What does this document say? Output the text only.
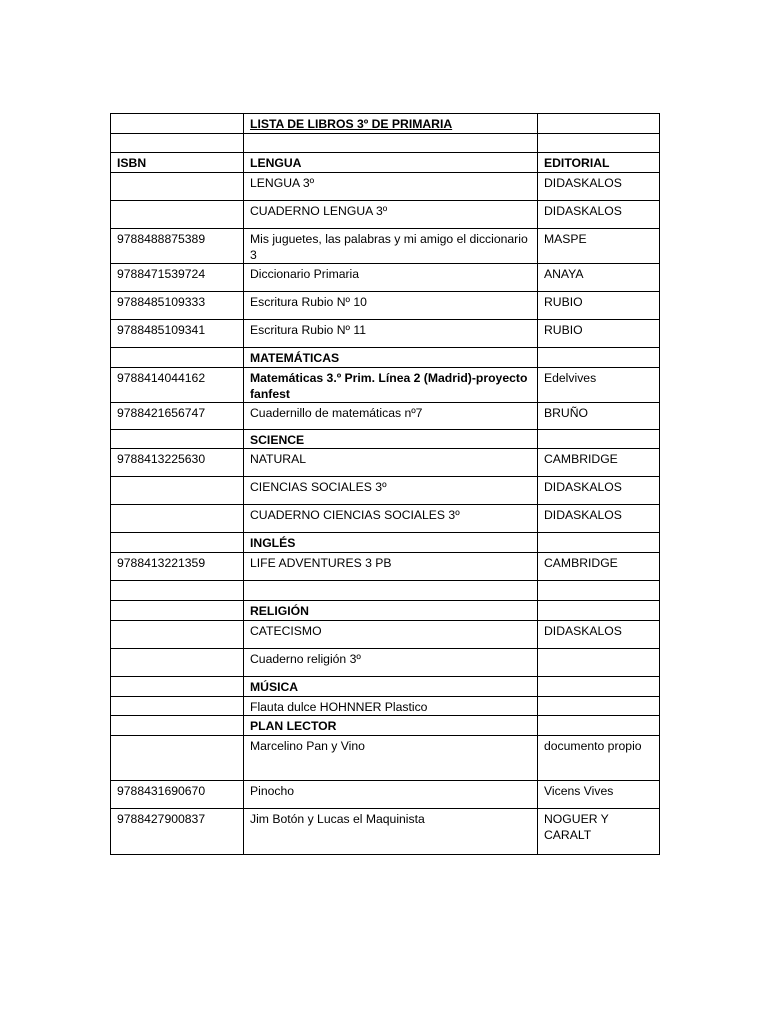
	LISTA DE LIBROS 3º DE PRIMARIA	

ISBN	LENGUA	EDITORIAL
	LENGUA 3º	DIDASKALOS
	CUADERNO LENGUA 3º	DIDASKALOS
9788488875389	Mis juguetes, las palabras y mi amigo el diccionario 3	MASPE
9788471539724	Diccionario Primaria	ANAYA
9788485109333	Escritura Rubio Nº 10	RUBIO
9788485109341	Escritura Rubio Nº 11	RUBIO
	MATEMÁTICAS	
9788414044162	Matemáticas 3.º Prim. Línea 2 (Madrid)-proyecto fanfest	Edelvives
9788421656747	Cuadernillo de matemáticas nº7	BRUÑO
	SCIENCE	
9788413225630	NATURAL	CAMBRIDGE
	CIENCIAS SOCIALES 3º	DIDASKALOS
	CUADERNO CIENCIAS SOCIALES 3º	DIDASKALOS
	INGLÉS	
9788413221359	LIFE ADVENTURES 3 PB	CAMBRIDGE

	RELIGIÓN	
	CATECISMO	DIDASKALOS
	Cuaderno religión 3º	
	MÚSICA	
	Flauta dulce HOHNNER Plastico	
	PLAN LECTOR	
	Marcelino Pan y Vino	documento propio
9788431690670	Pinocho	Vicens Vives
9788427900837	Jim Botón y Lucas el Maquinista	NOGUER Y CARALT
